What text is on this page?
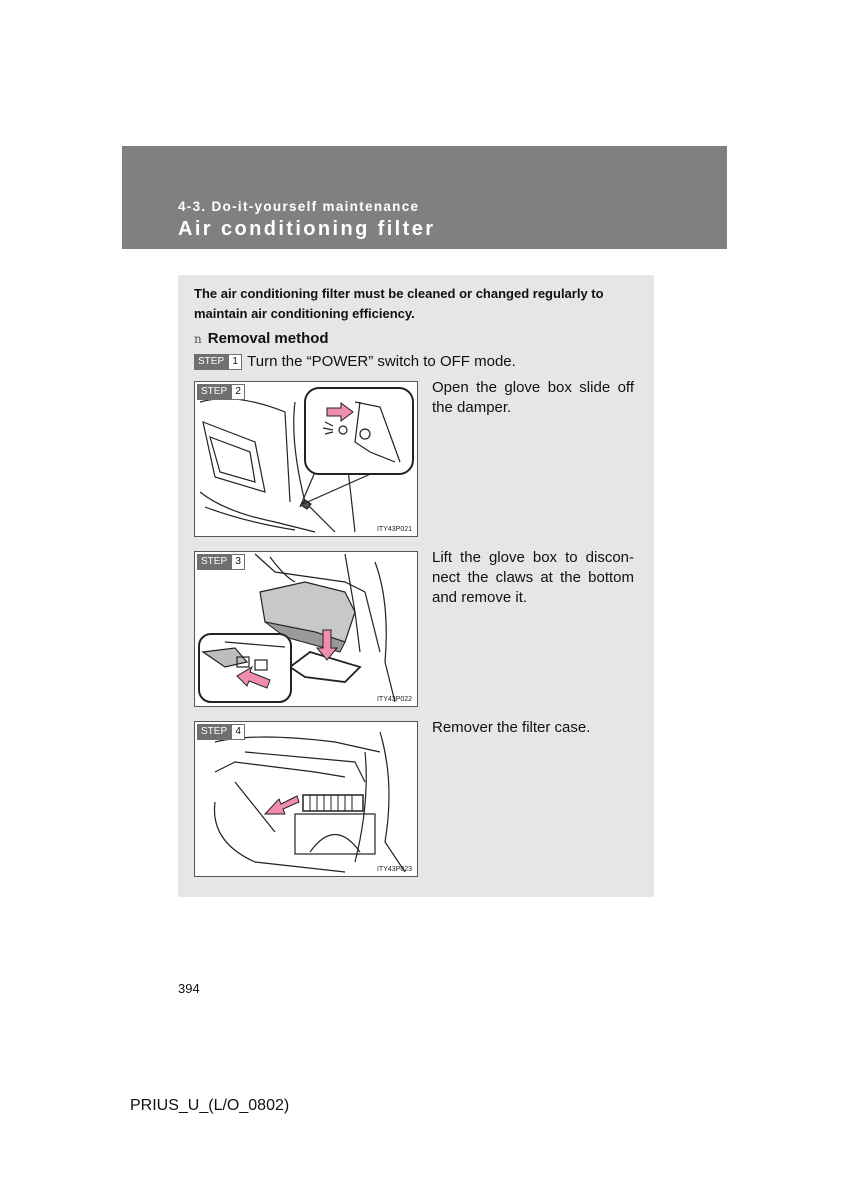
4-3. Do-it-yourself maintenance
Air conditioning filter
The air conditioning filter must be cleaned or changed regularly to maintain air conditioning efficiency.
n Removal method
STEP 1 Turn the “POWER” switch to OFF mode.
STEP 2
ITY43P021
Open the glove box slide off the damper.
STEP 3
ITY43P022
Lift the glove box to discon-nect the claws at the bottom and remove it.
STEP 4
ITY43P023
Remover the filter case.
394
PRIUS_U_(L/O_0802)
